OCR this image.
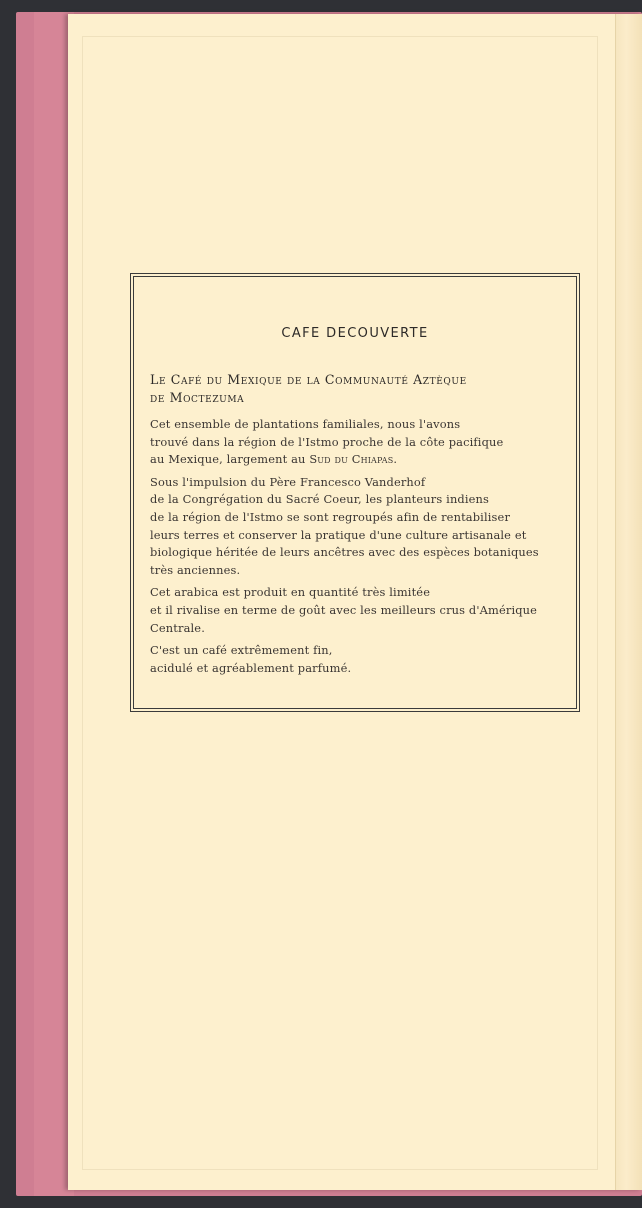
CAFE DECOUVERTE
Le Café du Mexique de la Communauté Aztèque
de Moctezuma

Cet ensemble de plantations familiales, nous l'avons
trouvé dans la région de l'Istmo proche de la côte pacifique
au Mexique, largement au Sud du Chiapas.

Sous l'impulsion du Père Francesco Vanderhof
de la Congrégation du Sacré Coeur, les planteurs indiens
de la région de l'Istmo se sont regroupés afin de rentabiliser
leurs terres et conserver la pratique d'une culture artisanale et
biologique héritée de leurs ancêtres avec des espèces botaniques
très anciennes.

Cet arabica est produit en quantité très limitée
et il rivalise en terme de goût avec les meilleurs crus d'Amérique
Centrale.

C'est un café extrêmement fin,
acidulé et agréablement parfumé.
